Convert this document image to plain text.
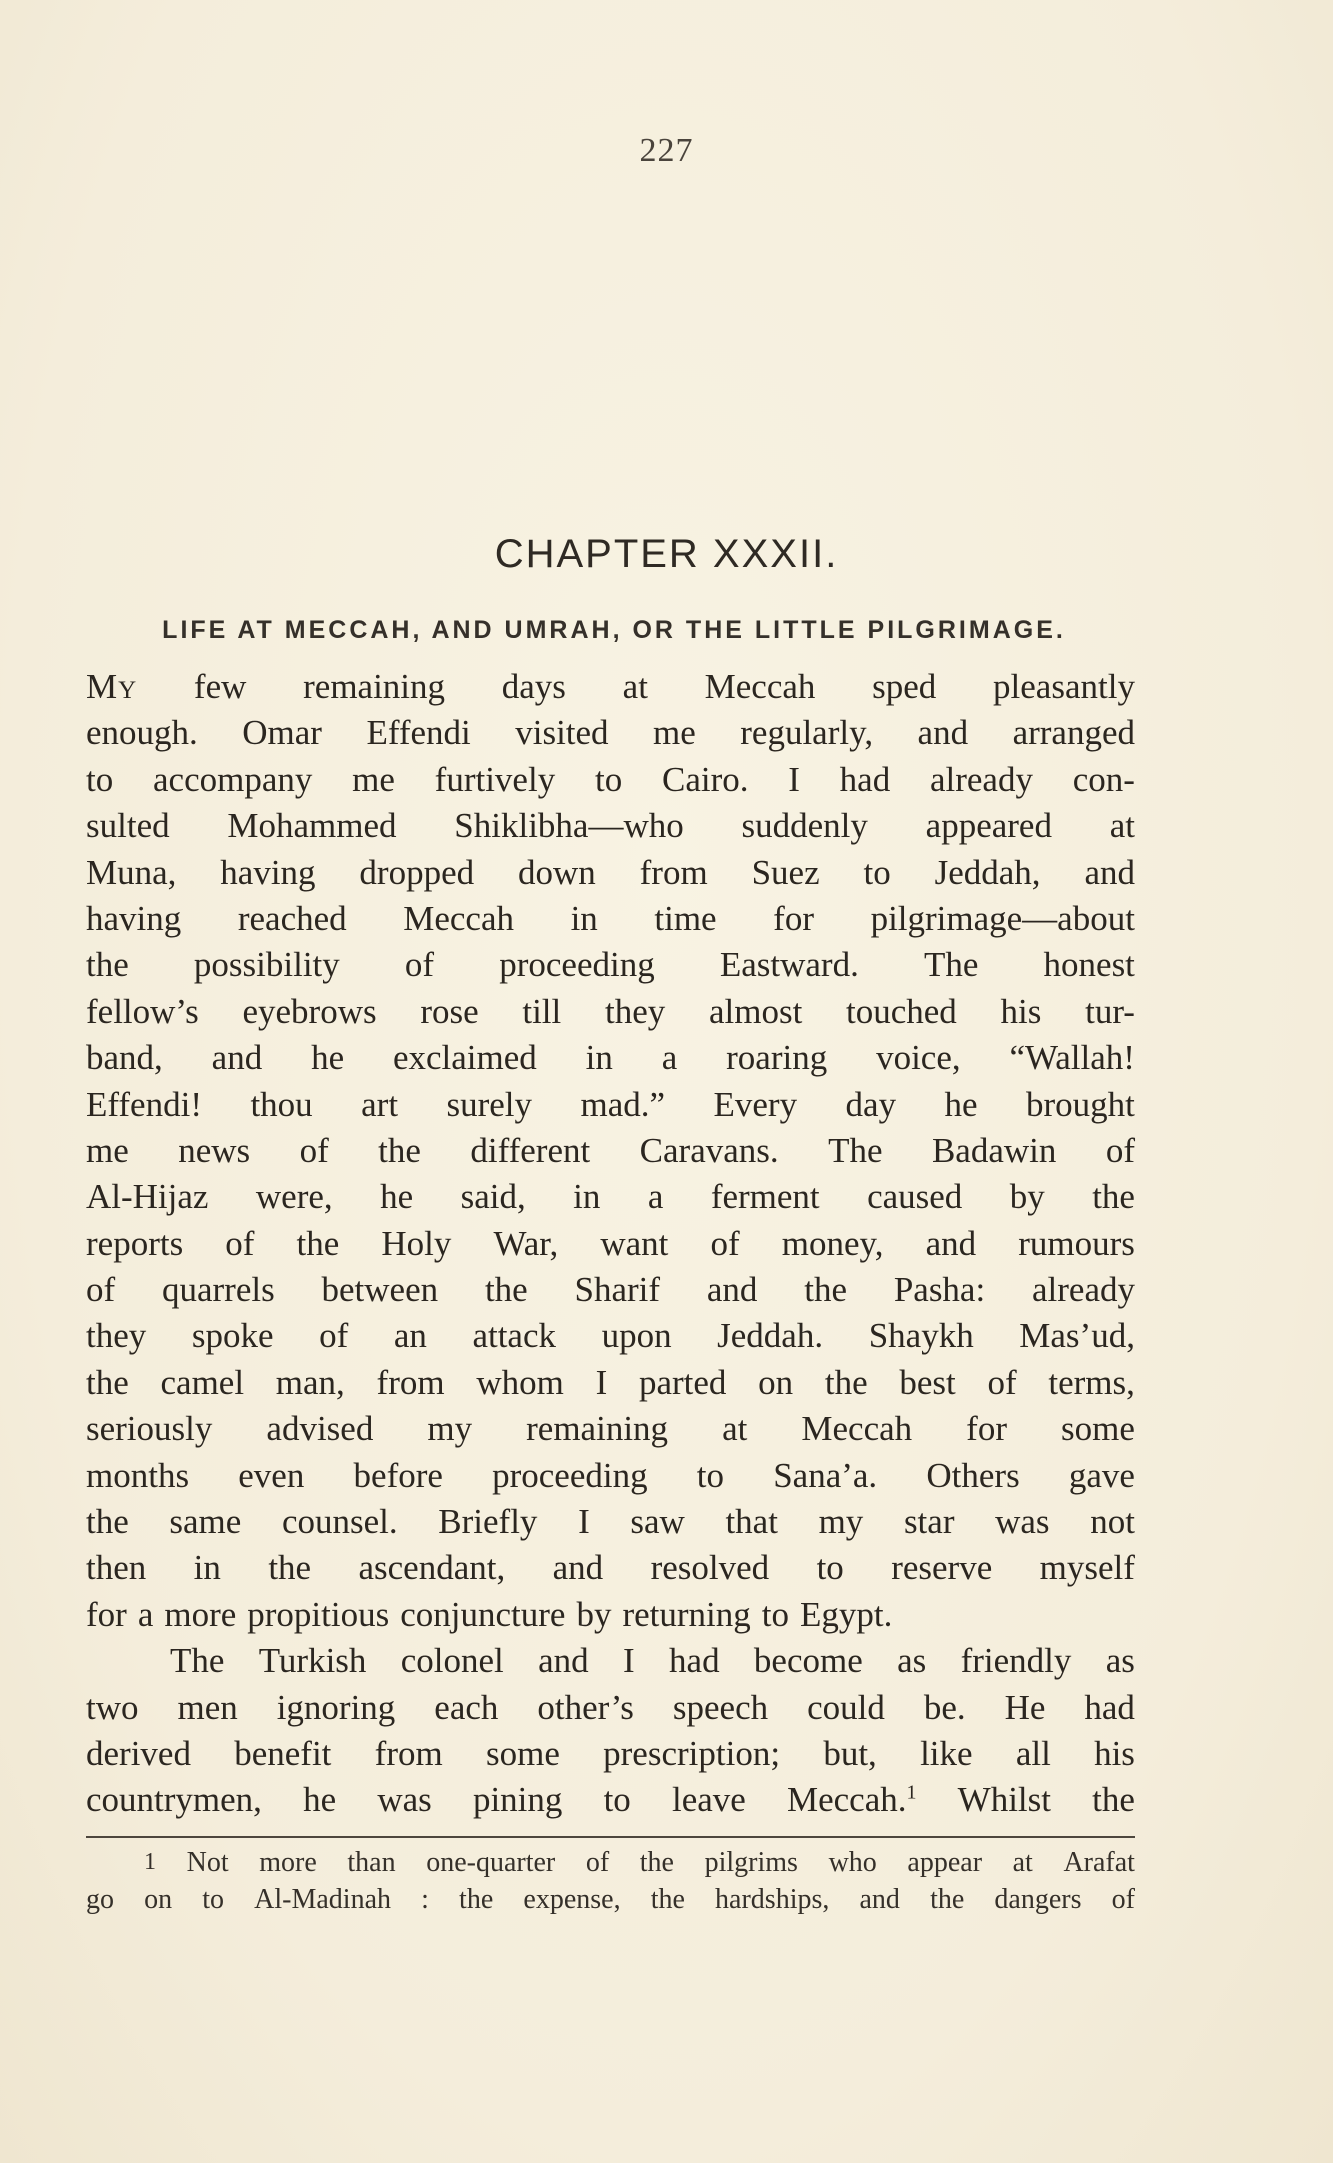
227
CHAPTER XXXII.
LIFE AT MECCAH, AND UMRAH, OR THE LITTLE PILGRIMAGE.
My few remaining days at Meccah sped pleasantly
enough. Omar Effendi visited me regularly, and arranged
to accompany me furtively to Cairo. I had already con-
sulted Mohammed Shiklibha—who suddenly appeared at
Muna, having dropped down from Suez to Jeddah, and
having reached Meccah in time for pilgrimage—about
the possibility of proceeding Eastward. The honest
fellow’s eyebrows rose till they almost touched his tur-
band, and he exclaimed in a roaring voice, “Wallah!
Effendi! thou art surely mad.” Every day he brought
me news of the different Caravans. The Badawin of
Al-Hijaz were, he said, in a ferment caused by the
reports of the Holy War, want of money, and rumours
of quarrels between the Sharif and the Pasha: already
they spoke of an attack upon Jeddah. Shaykh Mas’ud,
the camel man, from whom I parted on the best of terms,
seriously advised my remaining at Meccah for some
months even before proceeding to Sana’a. Others gave
the same counsel. Briefly I saw that my star was not
then in the ascendant, and resolved to reserve myself
for a more propitious conjuncture by returning to Egypt.
The Turkish colonel and I had become as friendly as
two men ignoring each other’s speech could be. He had
derived benefit from some prescription; but, like all his
countrymen, he was pining to leave Meccah.$^1$ Whilst the
1 Not more than one-quarter of the pilgrims who appear at Arafat
go on to Al-Madinah : the expense, the hardships, and the dangers of
